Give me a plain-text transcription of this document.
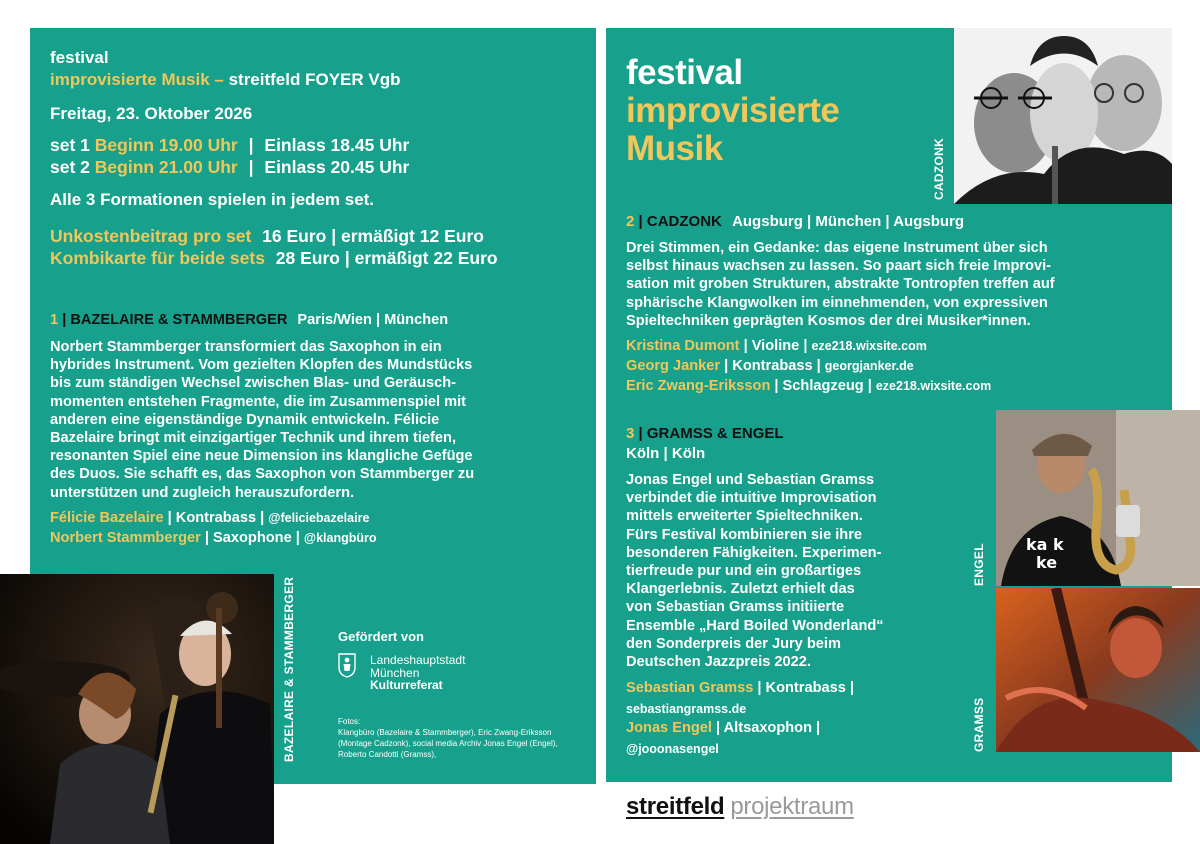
festival
improvisierte Musik – streitfeld FOYER Vgb
Freitag, 23. Oktober 2026
set 1 Beginn 19.00 Uhr | Einlass 18.45 Uhr
set 2 Beginn 21.00 Uhr | Einlass 20.45 Uhr
Alle 3 Formationen spielen in jedem set.
Unkostenbeitrag pro set 16 Euro | ermäßigt 12 Euro
Kombikarte für beide sets 28 Euro | ermäßigt 22 Euro
1 | BAZELAIRE & STAMMBERGER Paris/Wien | München
Norbert Stammberger transformiert das Saxophon in ein
hybrides Instrument. Vom gezielten Klopfen des Mundstücks
bis zum ständigen Wechsel zwischen Blas- und Geräusch-
momenten entstehen Fragmente, die im Zusammenspiel mit
anderen eine eigenständige Dynamik entwickeln. Félicie
Bazelaire bringt mit einzigartiger Technik und ihrem tiefen,
resonanten Spiel eine neue Dimension ins klangliche Gefüge
des Duos. Sie schafft es, das Saxophon von Stammberger zu
unterstützen und zugleich herauszufordern.
Félicie Bazelaire | Kontrabass | @feliciebazelaire
Norbert Stammberger | Saxophone | @klangbüro
BAZELAIRE & STAMMBERGER	Gefördert von
Landeshauptstadt
München
Kulturreferat
Fotos:
Klangbüro (Bazelaire & Stammberger), Eric Zwang-Eriksson
(Montage Cadzonk), social media Archiv Jonas Engel (Engel),
Roberto Candotti (Gramss),
festival
improvisierte
Musik	CADZONK
2 | CADZONK Augsburg | München | Augsburg
Drei Stimmen, ein Gedanke: das eigene Instrument über sich
selbst hinaus wachsen zu lassen. So paart sich freie Improvi-
sation mit groben Strukturen, abstrakte Tontropfen treffen auf
sphärische Klangwolken im einnehmenden, von expressiven
Spieltechniken geprägten Kosmos der drei Musiker*innen.
Kristina Dumont | Violine | eze218.wixsite.com
Georg Janker | Kontrabass | georgjanker.de
Eric Zwang-Eriksson | Schlagzeug | eze218.wixsite.com
3 | GRAMSS & ENGEL
Köln | Köln
Jonas Engel und Sebastian Gramss
verbindet die intuitive Improvisation
mittels erweiterter Spieltechniken.
Fürs Festival kombinieren sie ihre
besonderen Fähigkeiten. Experimen-
tierfreude pur und ein großartiges
Klangerlebnis. Zuletzt erhielt das
von Sebastian Gramss initiierte
Ensemble „Hard Boiled Wonderland“
den Sonderpreis der Jury beim
Deutschen Jazzpreis 2022.
Sebastian Gramss | Kontrabass |
sebastiangramss.de
Jonas Engel | Altsaxophon |
@jooonasengel
ka k
ke
ENGEL
GRAMSS
streitfeld projektraum
